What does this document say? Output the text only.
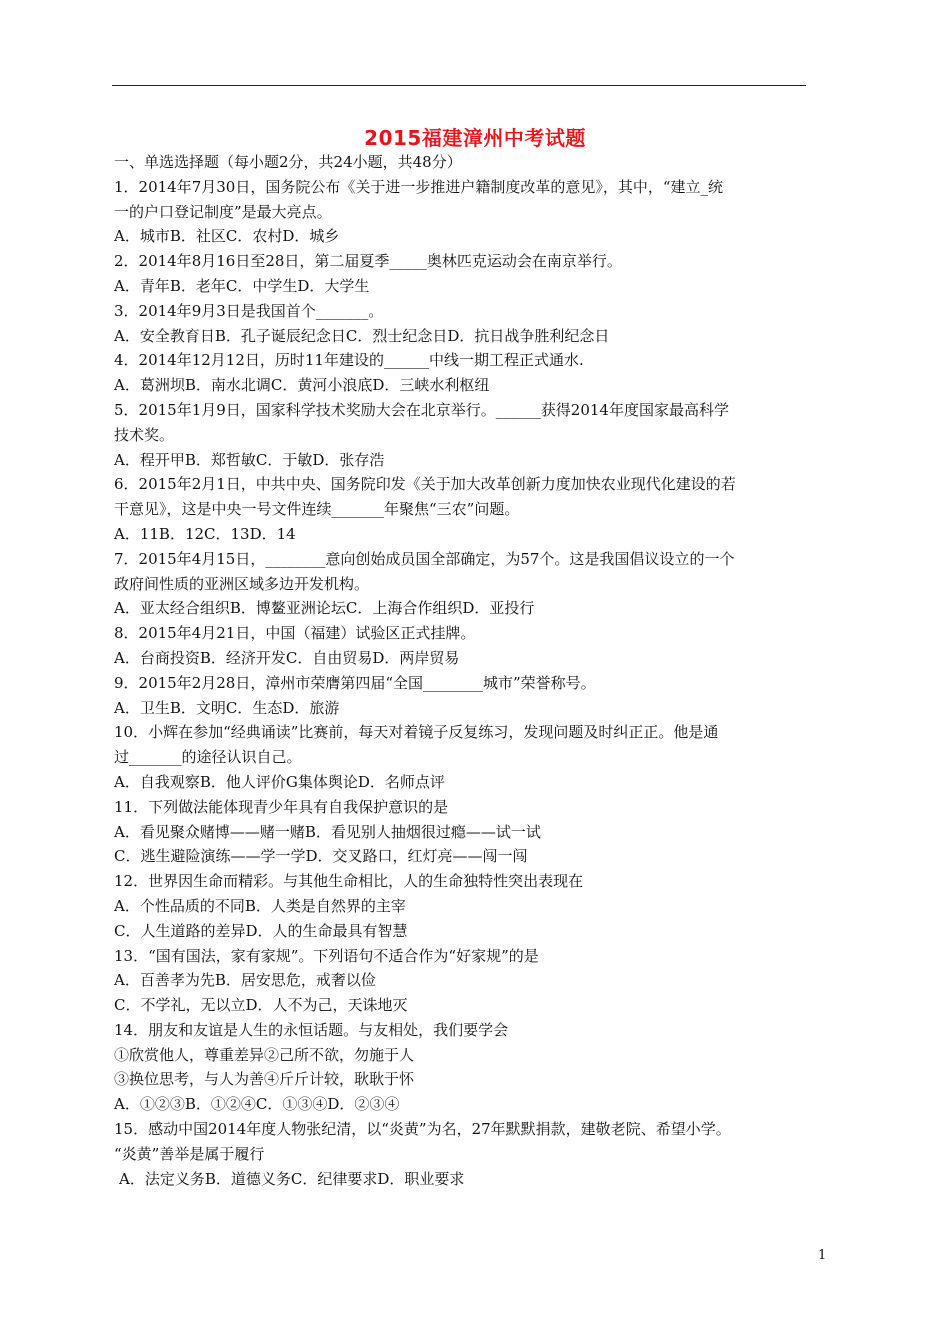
2015福建漳州中考试题
一、单选选择题（每小题2分，共24小题，共48分）
1．2014年7月30日，国务院公布《关于进一步推进户籍制度改革的意见》，其中，“建立_统
一的户口登记制度”是最大亮点。
A．城市B．社区C．农村D．城乡
2．2014年8月16日至28日，第二届夏季_____奥林匹克运动会在南京举行。
A．青年B．老年C．中学生D．大学生
3．2014年9月3日是我国首个_______。
A．安全教育日B．孔子诞辰纪念日C．烈士纪念日D．抗日战争胜利纪念日
4．2014年12月12日，历时11年建设的______中线一期工程正式通水.
A．葛洲坝B．南水北调C．黄河小浪底D．三峡水利枢纽
5．2015年1月9日，国家科学技术奖励大会在北京举行。______获得2014年度国家最高科学
技术奖。
A．程开甲B．郑哲敏C．于敏D．张存浩
6．2015年2月1日，中共中央、国务院印发《关于加大改革创新力度加快农业现代化建设的若
干意见》，这是中央一号文件连续_______年聚焦“三农”问题。
A．11B．12C．13D．14
7．2015年4月15日，________意向创始成员国全部确定，为57个。这是我国倡议设立的一个
政府间性质的亚洲区域多边开发机构。
A．亚太经合组织B．博鳌亚洲论坛C．上海合作组织D．亚投行
8．2015年4月21日，中国（福建）试验区正式挂牌。
A．台商投资B．经济开发C．自由贸易D．两岸贸易
9．2015年2月28日，漳州市荣膺第四届“全国________城市”荣誉称号。
A．卫生B．文明C．生态D．旅游
10．小辉在参加“经典诵读”比赛前，每天对着镜子反复练习，发现问题及时纠正正。他是通
过_______的途径认识自己。
A．自我观察B．他人评价G集体舆论D．名师点评
11．下列做法能体现青少年具有自我保护意识的是
A．看见聚众赌博——赌一赌B．看见别人抽烟很过瘾——试一试
C．逃生避险演练——学一学D．交叉路口，红灯亮——闯一闯
12．世界因生命而精彩。与其他生命相比，人的生命独特性突出表现在
A．个性品质的不同B．人类是自然界的主宰
C．人生道路的差异D．人的生命最具有智慧
13．“国有国法，家有家规”。下列语句不适合作为“好家规”的是
A．百善孝为先B．居安思危，戒奢以俭
C．不学礼，无以立D．人不为己，天诛地灭
14．朋友和友谊是人生的永恒话题。与友相处，我们要学会
①欣赏他人，尊重差异②己所不欲，勿施于人
③换位思考，与人为善④斤斤计较，耿耿于怀
A．①②③B．①②④C．①③④D．②③④
15．感动中国2014年度人物张纪清，以“炎黄”为名，27年默默捐款，建敬老院、希望小学。
“炎黄”善举是属于履行
A．法定义务B．道德义务C．纪律要求D．职业要求
1
